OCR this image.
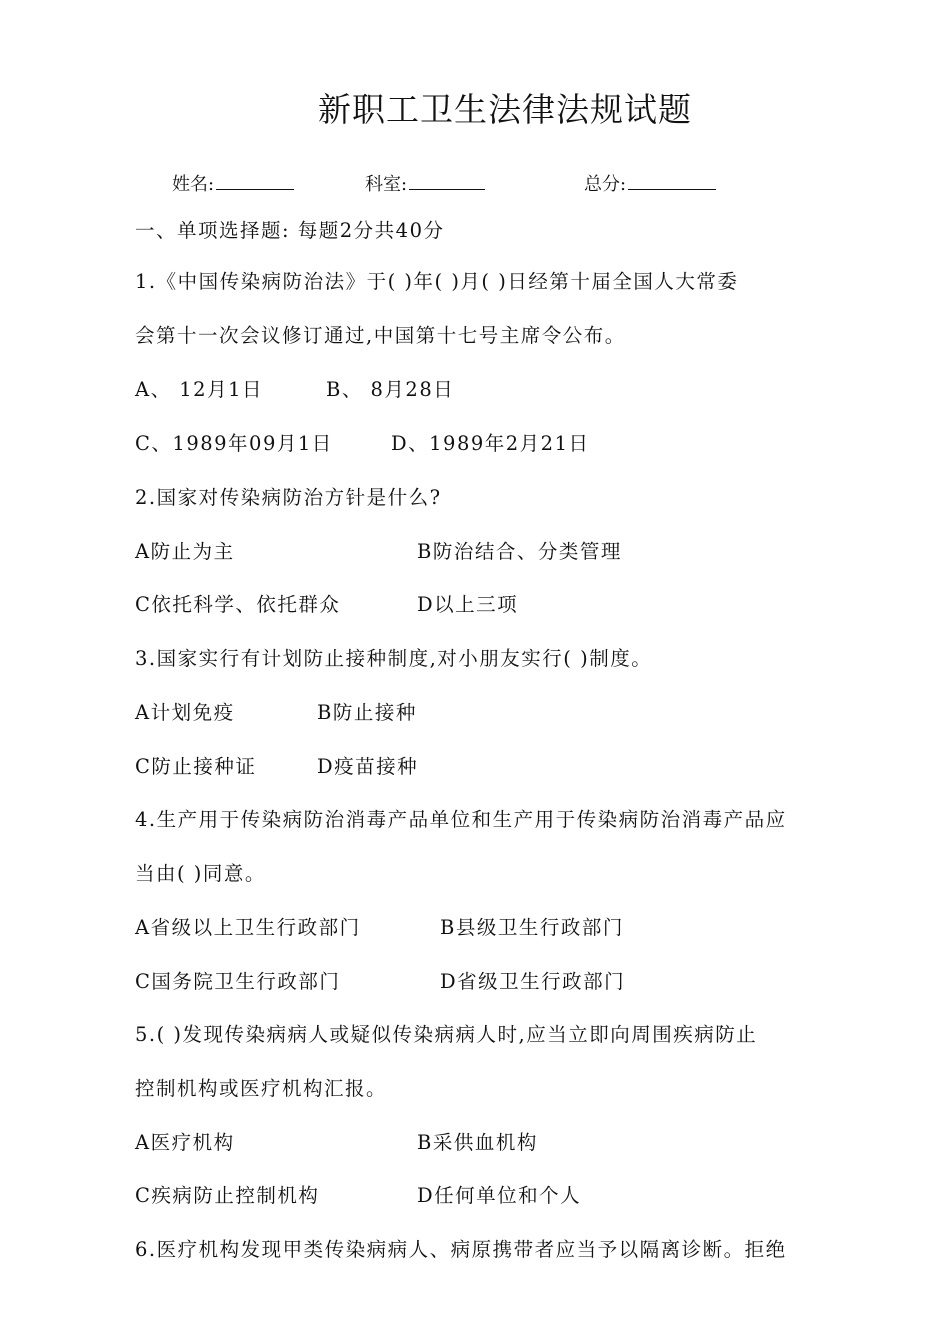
新职工卫生法律法规试题
姓名:	科室:	总分:
一、单项选择题: 每题2分共40分
1.《中国传染病防治法》于( )年( )月( )日经第十届全国人大常委
会第十一次会议修订通过,中国第十七号主席令公布。
A、 12月1日	B、 8月28日
C、1989年09月1日	D、1989年2月21日
2.国家对传染病防治方针是什么?
A防止为主	B防治结合、分类管理
C依托科学、依托群众	D以上三项
3.国家实行有计划防止接种制度,对小朋友实行( )制度。
A计划免疫	B防止接种
C防止接种证	D疫苗接种
4.生产用于传染病防治消毒产品单位和生产用于传染病防治消毒产品应
当由( )同意。
A省级以上卫生行政部门	B县级卫生行政部门
C国务院卫生行政部门	D省级卫生行政部门
5.( )发现传染病病人或疑似传染病病人时,应当立即向周围疾病防止
控制机构或医疗机构汇报。
A医疗机构	B采供血机构
C疾病防止控制机构	D任何单位和个人
6.医疗机构发现甲类传染病病人、病原携带者应当予以隔离诊断。拒绝
